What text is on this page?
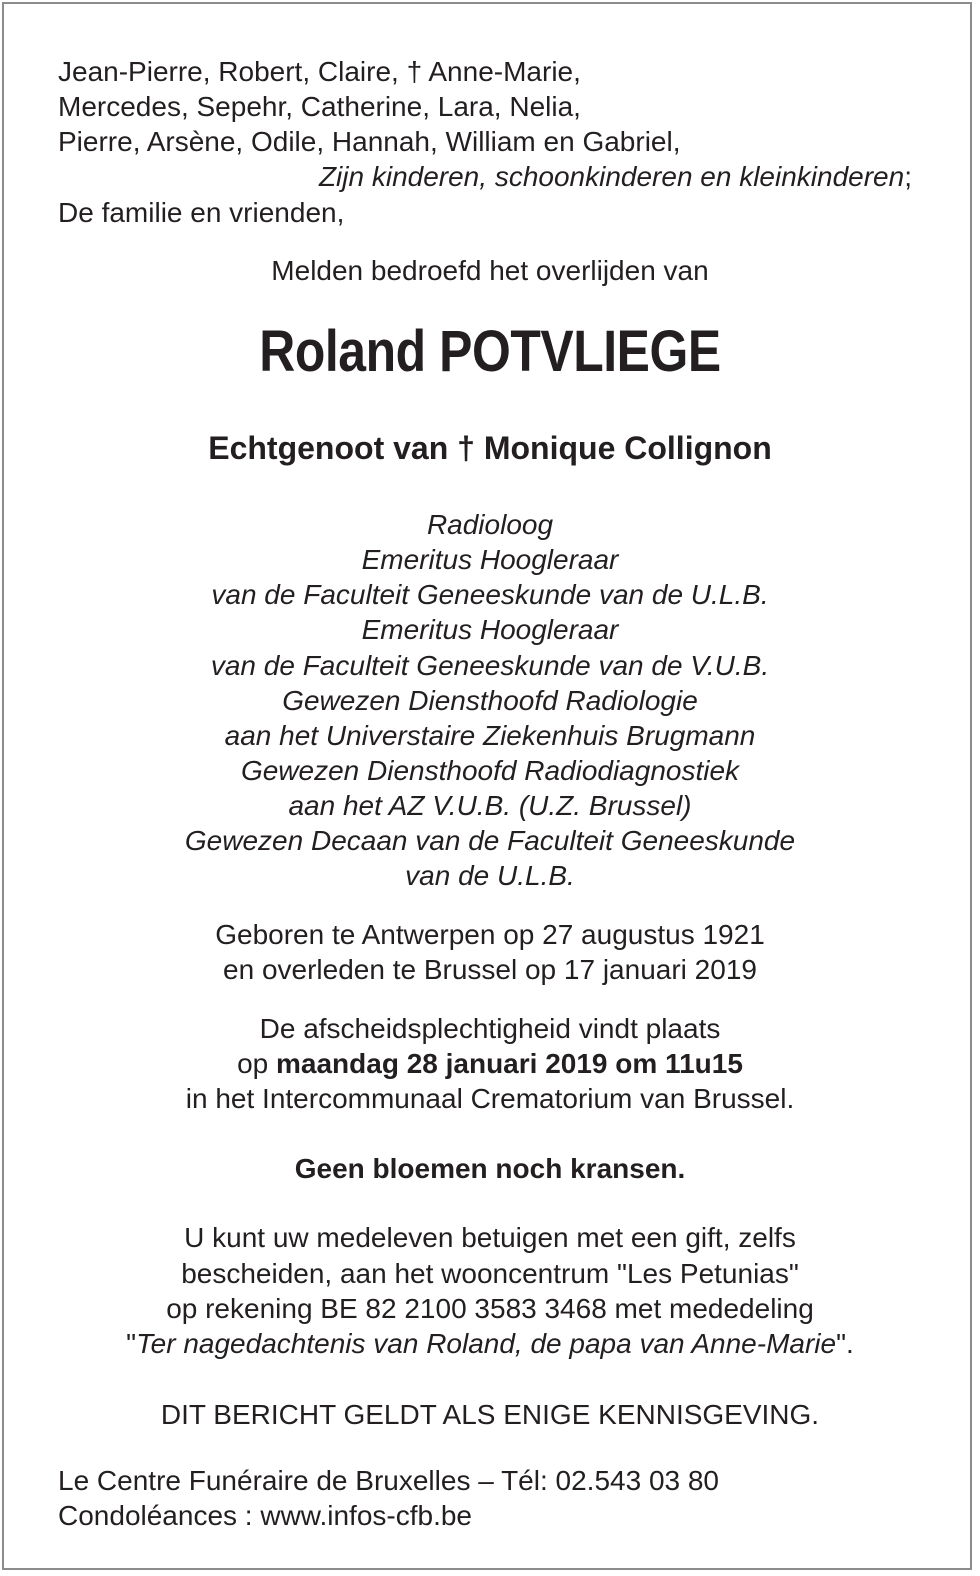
Jean-Pierre, Robert, Claire, † Anne-Marie,
Mercedes, Sepehr, Catherine, Lara, Nelia,
Pierre, Arsène, Odile, Hannah, William en Gabriel,
Zijn kinderen, schoonkinderen en kleinkinderen;
De familie en vrienden,
Melden bedroefd het overlijden van
Roland POTVLIEGE
Echtgenoot van † Monique Collignon
Radioloog
Emeritus Hoogleraar
van de Faculteit Geneeskunde van de U.L.B.
Emeritus Hoogleraar
van de Faculteit Geneeskunde van de V.U.B.
Gewezen Diensthoofd Radiologie
aan het Universtaire Ziekenhuis Brugmann
Gewezen Diensthoofd Radiodiagnostiek
aan het AZ V.U.B. (U.Z. Brussel)
Gewezen Decaan van de Faculteit Geneeskunde
van de U.L.B.
Geboren te Antwerpen op 27 augustus 1921
en overleden te Brussel op 17 januari 2019
De afscheidsplechtigheid vindt plaats
op maandag 28 januari 2019 om 11u15
in het Intercommunaal Crematorium van Brussel.
Geen bloemen noch kransen.
U kunt uw medeleven betuigen met een gift, zelfs
bescheiden, aan het wooncentrum "Les Petunias"
op rekening BE 82 2100 3583 3468 met mededeling
"Ter nagedachtenis van Roland, de papa van Anne-Marie".
DIT BERICHT GELDT ALS ENIGE KENNISGEVING.
Le Centre Funéraire de Bruxelles – Tél: 02.543 03 80
Condoléances : www.infos-cfb.be
